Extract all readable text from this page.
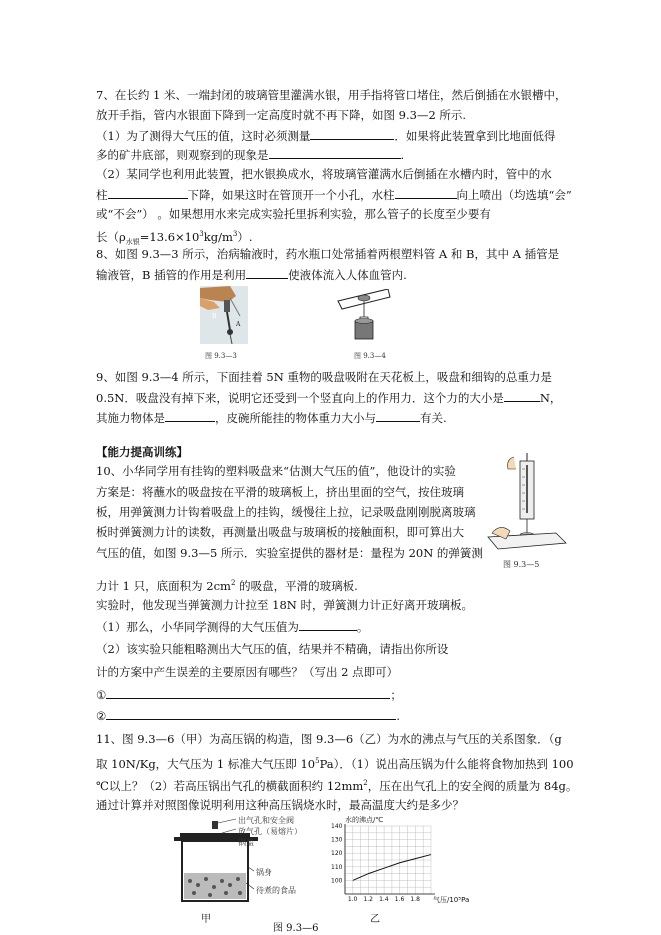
7、在长约 1 米、一端封闭的玻璃管里灌满水银，用手指将管口堵住，然后倒插在水银槽中，
放开手指，管内水银面下降到一定高度时就不再下降，如图 9.3—2 所示.
（1）为了测得大气压的值，这时必须测量	．如果将此装置拿到比地面低得
多的矿井底部，则观察到的现象是	.
（2）某同学也利用此装置，把水银换成水，将玻璃管灌满水后倒插在水槽内时，管中的水
柱	下降，如果这时在管顶开一个小孔，水柱	向上喷出（均选填“会”
或“不会”） 。如果想用水来完成实验托里拆利实验，那么管子的长度至少要有
长$(\rho_{水银}=13.6\times 10^3kg/m^3)$.
8、如图 9.3—3 所示，治病输液时，药水瓶口处常插着两根塑料管 A 和 B，其中 A 插管是
输液管，B 插管的作用是利用	使液体流入人体血管内.
B
A
图 9.3—3	图 9.3—4
9、如图 9.3—4 所示，下面挂着 5N 重物的吸盘吸附在天花板上，吸盘和细钩的总重力是
0.5N．吸盘没有掉下来，说明它还受到一个竖直向上的作用力．这个力的大小是	N，
其施力物体是	，皮碗所能挂的物体重力大小与	有关.
【能力提高训练】
10、小华同学用有挂钩的塑料吸盘来“估测大气压的值”，他设计的实验
方案是：将蘸水的吸盘按在平滑的玻璃板上，挤出里面的空气，按住玻璃
板，用弹簧测力计钩着吸盘上的挂钩，缓慢往上拉，记录吸盘刚刚脱离玻璃
板时弹簧测力计的读数，再测量出吸盘与玻璃板的接触面积，即可算出大
气压的值，如图 9.3—5 所示．实验室提供的器材是：量程为 20N 的弹簧测
力计 1 只，底面积为 $2cm^2$ 的吸盘，平滑的玻璃板.
实验时，他发现当弹簧测力计拉至 18N 时，弹簧测力计正好离开玻璃板。
（1）那么，小华同学测得的大气压值为	。
（2）该实验只能粗略测出大气压的值，结果并不精确，请指出你所设
计的方案中产生误差的主要原因有哪些？（写出 2 点即可）
①	；
②	.
图 9.3—5
11、图 9.3—6（甲）为高压锅的构造，图 9.3—6（乙）为水的沸点与气压的关系图象．（g
取 10N/Kg，大气压为 1 标准大气压即 $10^5Pa$）．（1）说出高压锅为什么能将食物加热到 100
℃以上？（2）若高压锅出气孔的横截面积约 $12mm^2$，压在出气孔上的安全阀的质量为 84g。
通过计算并对照图像说明利用这种高压锅烧水时，最高温度大约是多少？
出气孔和安全阀
放气孔（易熔片）
锅盖
锅身
待煮的食品
甲
1.0 1.2 1.4 1.6 1.8
100
110
120
130
140
水的沸点/℃
气压/10⁵Pa
乙
图 9.3—6
